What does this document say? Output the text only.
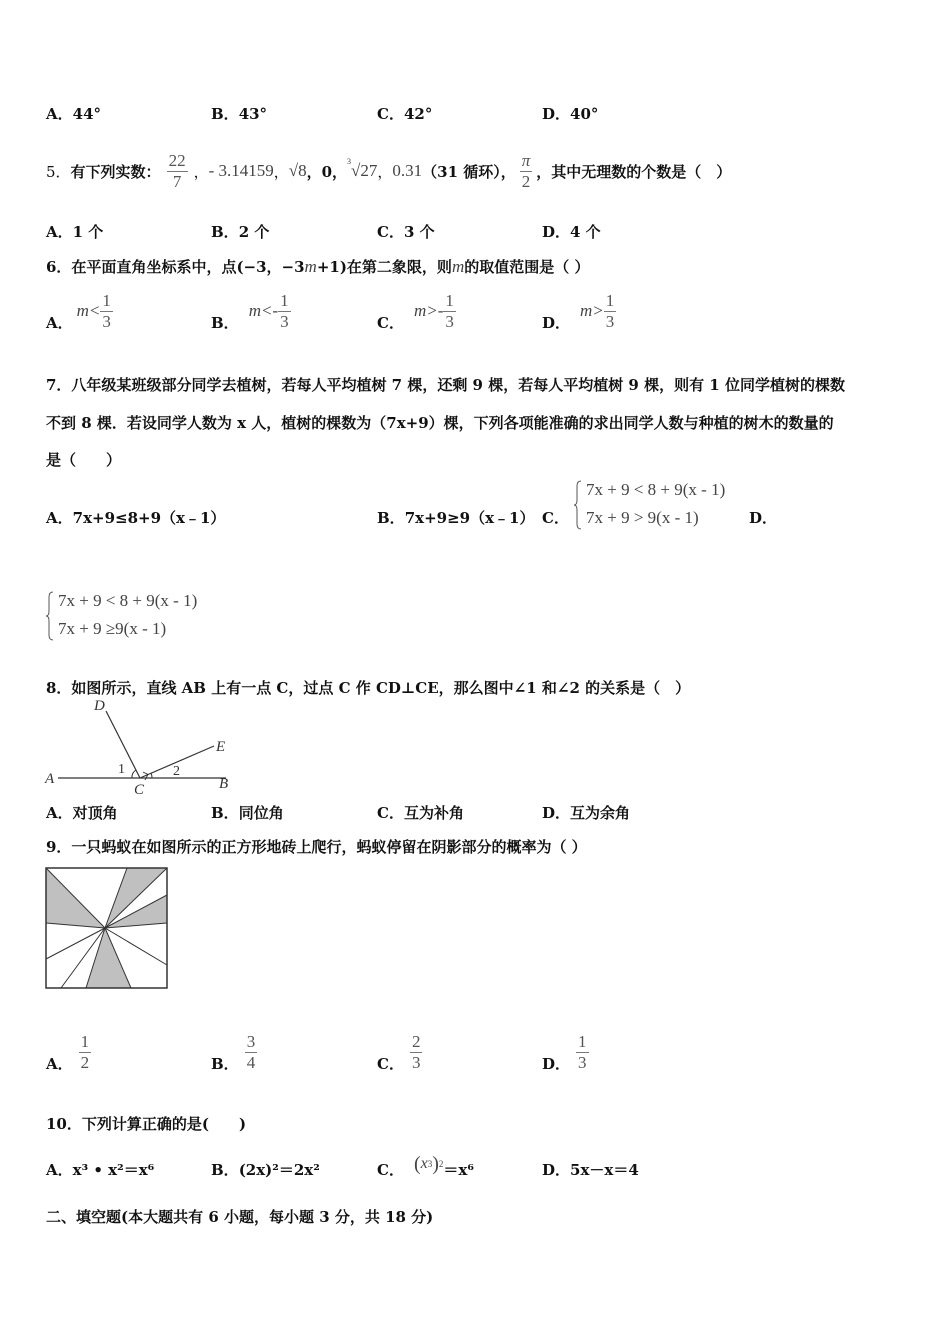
A．44°	B．43°	C．42°	D．40°
5． 有下列实数： $\frac{22}{7}$ ， - 3.14159 ， √8 ，0，
3 √27 ， 0.31 （31 循环）， $\frac{\pi}{2}$ ，其中无理数的个数是（　）
A．1 个	B．2 个	C．3 个	D．4 个
6．在平面直角坐标系中，点(−3，−3m+1)在第二象限，则m的取值范围是（ ）
A．
$m< \frac{1}{3}$	B．
$m<- \frac{1}{3}$	C．
$m>- \frac{1}{3}$	D．
$m> \frac{1}{3}$
7．八年级某班级部分同学去植树，若每人平均植树 7 棵，还剩 9 棵，若每人平均植树 9 棵，则有 1 位同学植树的棵数
不到 8 棵．若设同学人数为 x 人，植树的棵数为（7x+9）棵，下列各项能准确的求出同学人数与种植的树木的数量的
是（　　）
A．7x+9≤8+9（x﹣1）	B．7x+9≥9（x﹣1） C．
7x + 9 < 8 + 9(x - 1)
7x + 9 > 9(x - 1)	D．
7x + 9 < 8 + 9(x - 1)
7x + 9 ≥9(x - 1)
8．如图所示，直线 AB 上有一点 C，过点 C 作 CD⊥CE，那么图中∠1 和∠2 的关系是（　）
A	B
C
D
E
1	2
A．对顶角	B．同位角	C．互为补角	D．互为余角
9．一只蚂蚁在如图所示的正方形地砖上爬行，蚂蚁停留在阴影部分的概率为（ ）
A． $\frac{1}{2}$	B． $\frac{3}{4}$	C． $\frac{2}{3}$	D． $\frac{1}{3}$
10．下列计算正确的是(　　)
A．x³ • x²＝x⁶	B．(2x)²＝2x²	C． ( x 3 ) 2 ＝x⁶	D．5x－x＝4
二、填空题(本大题共有 6 小题，每小题 3 分，共 18 分)
